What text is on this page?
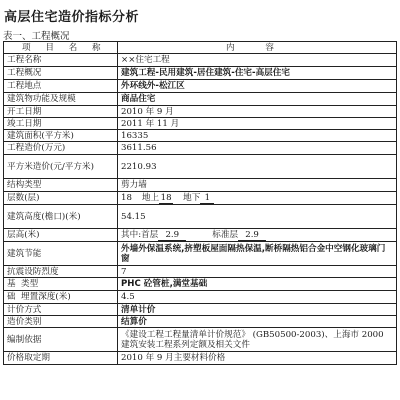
高层住宅造价指标分析
表一、工程概况
项 目 名 称	内 容
工程名称	××住宅工程
工程概况	建筑工程-民用建筑-居住建筑-住宅-高层住宅
工程地点	外环线外-松江区
建筑物功能及规模	商品住宅
开工日期	2010 年 9 月
竣工日期	2011 年 11 月
建筑面积(平方米)	16335
工程造价(万元)	3611.56
平方米造价(元/平方米)	2210.93
结构类型	剪力墙
层数(层)	18 地上 18 地下 1
建筑高度(檐口)(米)	54.15
层高(米)	其中:首层 2.9 标准层 2.9
建筑节能	外墙外保温系统,挤塑板屋面隔热保温,断桥隔热铝合金中空钢化玻璃门窗
抗震设防烈度	7

基 类型	PHC 砼管桩,满堂基础

础 埋置深度(米)	4.5
计价方式	清单计价
造价类别	结算价
编制依据	《建设工程工程量清单计价规范》 (GB50500-2003)、上海市 2000 建筑安装工程系列定额及相关文件
价格取定期	2010 年 9 月主要材料价格
